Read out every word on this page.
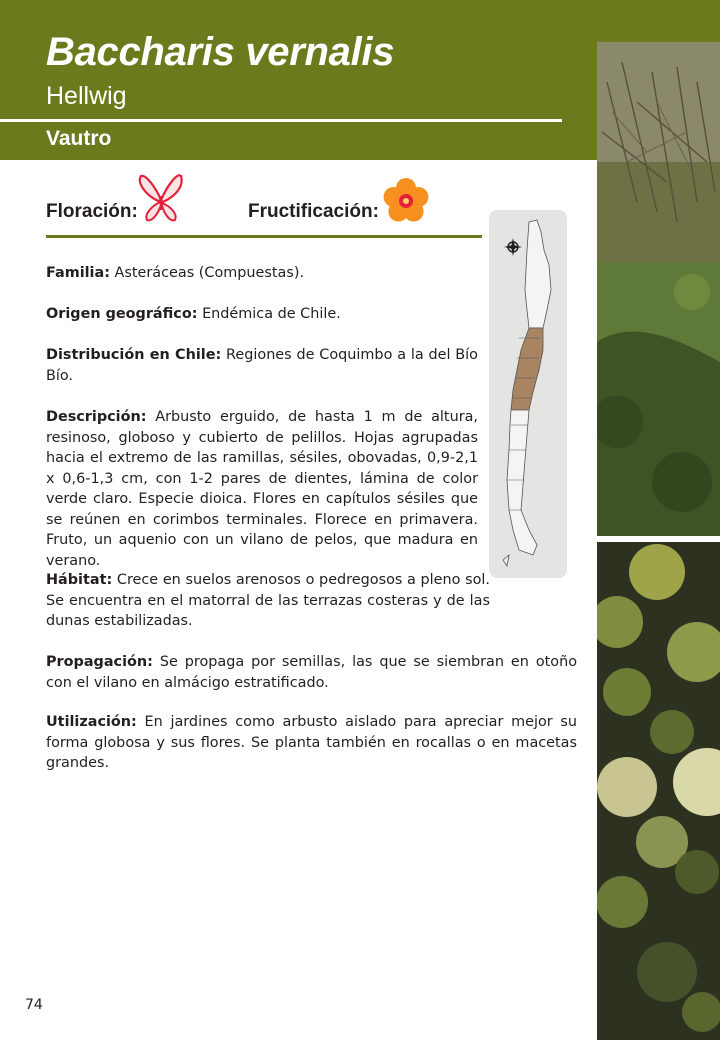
Baccharis vernalis
Hellwig
Vautro
Floración:	Fructificación:
Familia: Asteráceas (Compuestas).
Origen geográfico: Endémica de Chile.
Distribución en Chile: Regiones de Coquimbo a la del Bío Bío.
Descripción: Arbusto erguido, de hasta 1 m de altura, resinoso, globoso y cubierto de pelillos. Hojas agrupadas hacia el extremo de las ramillas, sésiles, obovadas, 0,9-2,1 x 0,6-1,3 cm, con 1-2 pares de dientes, lámina de color verde claro. Especie dioica. Flores en capítulos sésiles que se reúnen en corimbos terminales. Florece en primavera. Fruto, un aquenio con un vilano de pelos, que madura en verano.
Hábitat: Crece en suelos arenosos o pedregosos a pleno sol. Se encuentra en el matorral de las terrazas costeras y de las dunas estabilizadas.
Propagación: Se propaga por semillas, las que se siembran en otoño con el vilano en almácigo estratificado.
Utilización: En jardines como arbusto aislado para apreciar mejor su forma globosa y sus flores. Se planta también en rocallas o en macetas grandes.
74
